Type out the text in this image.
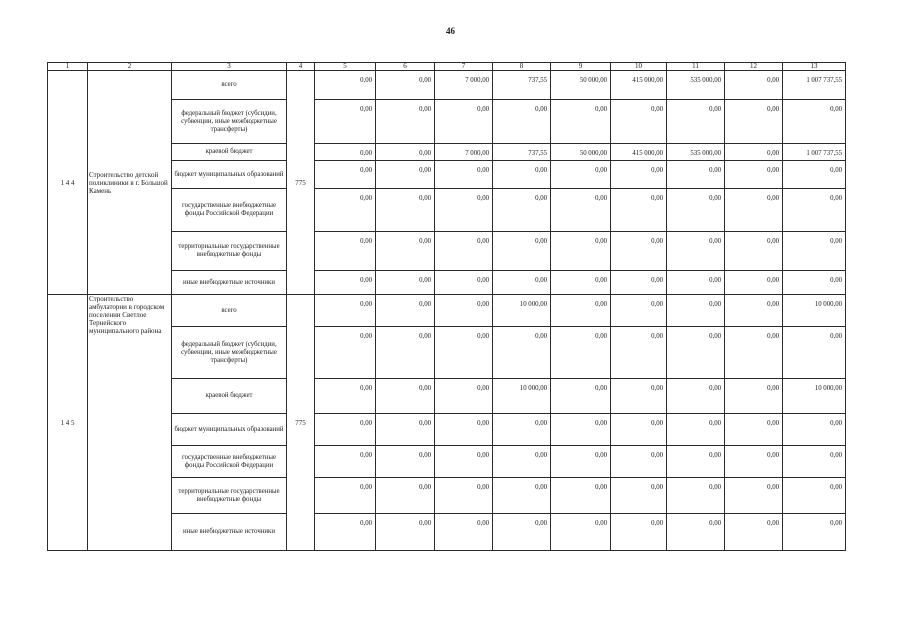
46
1	2	3	4	5	6	7	8	9	10	11	12	13
1 4 4	Строительство детской поликлиники в г. Большой Камень	всего	775	0,00	0,00	7 000,00	737,55	50 000,00	415 000,00	535 000,00	0,00	1 007 737,55
		федеральный бюджет (субсидии, субвенции, иные межбюджетные трансферты)		0,00	0,00	0,00	0,00	0,00	0,00	0,00	0,00	0,00
		краевой бюджет		0,00	0,00	7 000,00	737,55	50 000,00	415 000,00	535 000,00	0,00	1 007 737,55
		бюджет муниципальных образований		0,00	0,00	0,00	0,00	0,00	0,00	0,00	0,00	0,00
		государственные внебюджетные фонды Российской Федерации		0,00	0,00	0,00	0,00	0,00	0,00	0,00	0,00	0,00
		территориальные государственные внебюджетные фонды		0,00	0,00	0,00	0,00	0,00	0,00	0,00	0,00	0,00
		иные внебюджетные источники		0,00	0,00	0,00	0,00	0,00	0,00	0,00	0,00	0,00
1 4 5	Строительство амбулатории в городском поселении Светлое Тернейского муниципального района	всего	775	0,00	0,00	0,00	10 000,00	0,00	0,00	0,00	0,00	10 000,00
		федеральный бюджет (субсидии, субвенции, иные межбюджетные трансферты)		0,00	0,00	0,00	0,00	0,00	0,00	0,00	0,00	0,00
		краевой бюджет		0,00	0,00	0,00	10 000,00	0,00	0,00	0,00	0,00	10 000,00
		бюджет муниципальных образований		0,00	0,00	0,00	0,00	0,00	0,00	0,00	0,00	0,00
		государственные внебюджетные фонды Российской Федерации		0,00	0,00	0,00	0,00	0,00	0,00	0,00	0,00	0,00
		территориальные государственные внебюджетные фонды		0,00	0,00	0,00	0,00	0,00	0,00	0,00	0,00	0,00
		иные внебюджетные источники		0,00	0,00	0,00	0,00	0,00	0,00	0,00	0,00	0,00
